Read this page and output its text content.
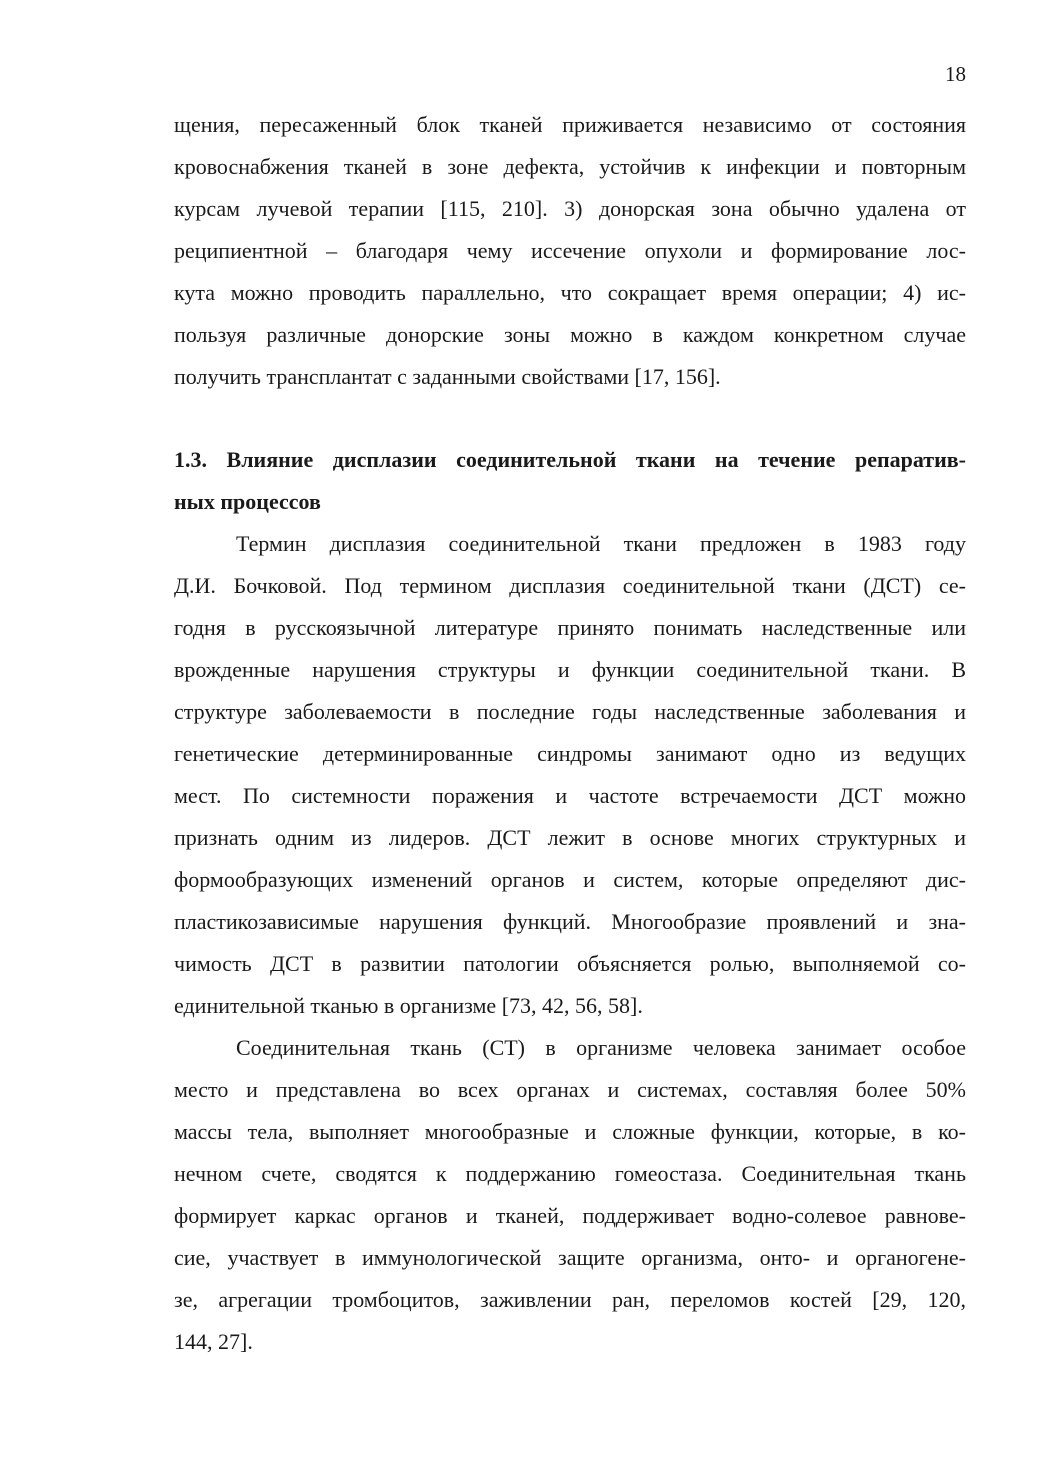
18
щения, пересаженный блок тканей приживается независимо от состояния
кровоснабжения тканей в зоне дефекта, устойчив к инфекции и повторным
курсам лучевой терапии [115, 210]. 3) донорская зона обычно удалена от
реципиентной – благодаря чему иссечение опухоли и формирование лос-
кута можно проводить параллельно, что сокращает время операции; 4) ис-
пользуя различные донорские зоны можно в каждом конкретном случае
получить трансплантат с заданными свойствами [17, 156].
1.3. Влияние дисплазии соединительной ткани на течение репаратив-
ных процессов
Термин дисплазия соединительной ткани предложен в 1983 году
Д.И. Бочковой. Под термином дисплазия соединительной ткани (ДСТ) се-
годня в русскоязычной литературе принято понимать наследственные или
врожденные нарушения структуры и функции соединительной ткани. В
структуре заболеваемости в последние годы наследственные заболевания и
генетические детерминированные синдромы занимают одно из ведущих
мест. По системности поражения и частоте встречаемости ДСТ можно
признать одним из лидеров. ДСТ лежит в основе многих структурных и
формообразующих изменений органов и систем, которые определяют дис-
пластикозависимые нарушения функций. Многообразие проявлений и зна-
чимость ДСТ в развитии патологии объясняется ролью, выполняемой со-
единительной тканью в организме [73, 42, 56, 58].
Соединительная ткань (СТ) в организме человека занимает особое
место и представлена во всех органах и системах, составляя более 50%
массы тела, выполняет многообразные и сложные функции, которые, в ко-
нечном счете, сводятся к поддержанию гомеостаза. Соединительная ткань
формирует каркас органов и тканей, поддерживает водно-солевое равнове-
сие, участвует в иммунологической защите организма, онто- и органогене-
зе, агрегации тромбоцитов, заживлении ран, переломов костей [29, 120,
144, 27].
